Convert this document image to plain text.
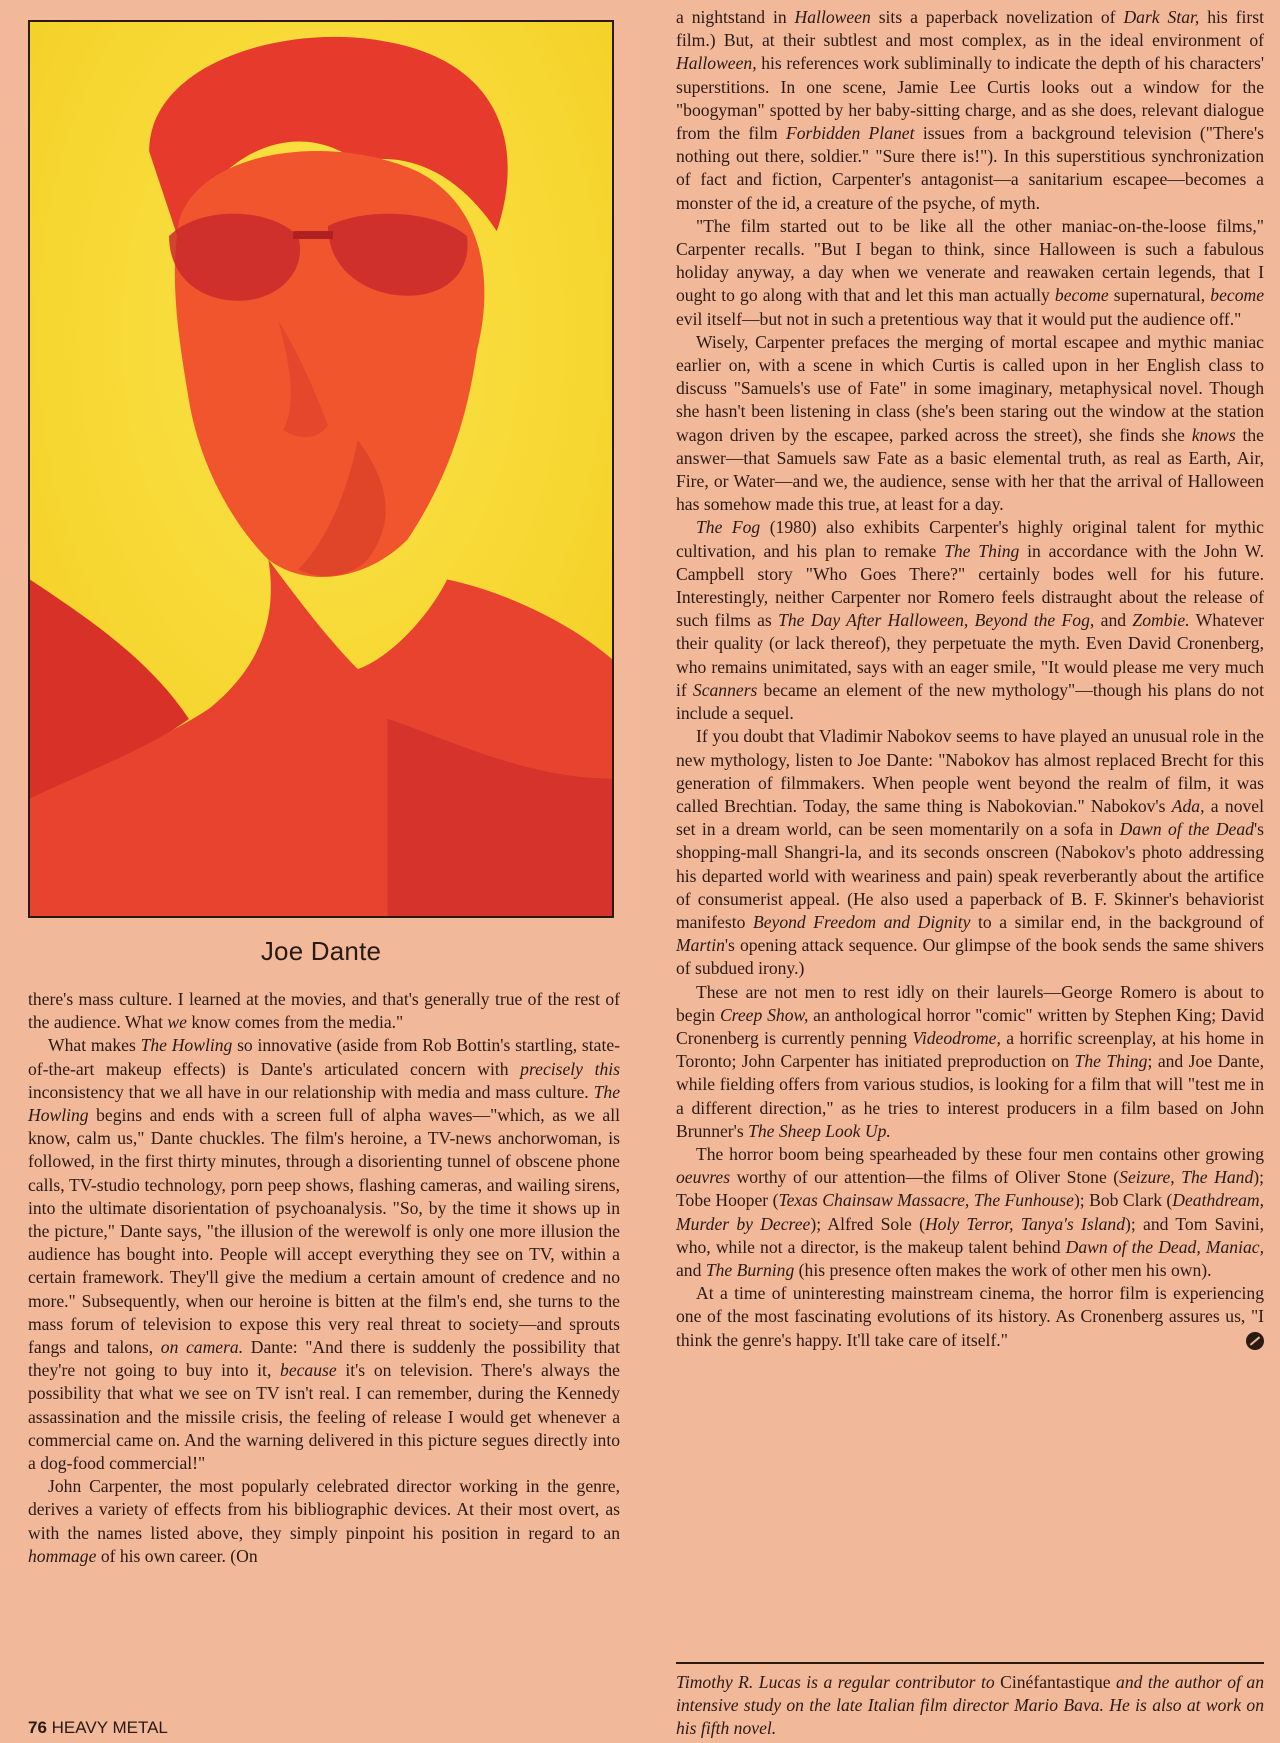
Joe Dante

there's mass culture. I learned at the movies, and that's generally true of the rest of the audience. What we know comes from the media."

What makes The Howling so innovative (aside from Rob Bottin's startling, state-of-the-art makeup effects) is Dante's articulated concern with precisely this inconsistency that we all have in our relationship with media and mass culture. The Howling begins and ends with a screen full of alpha waves—"which, as we all know, calm us," Dante chuckles. The film's heroine, a TV-news anchorwoman, is followed, in the first thirty minutes, through a disorienting tunnel of obscene phone calls, TV-studio technology, porn peep shows, flashing cameras, and wailing sirens, into the ultimate disorientation of psychoanalysis. "So, by the time it shows up in the picture," Dante says, "the illusion of the werewolf is only one more illusion the audience has bought into. People will accept everything they see on TV, within a certain framework. They'll give the medium a certain amount of credence and no more." Subsequently, when our heroine is bitten at the film's end, she turns to the mass forum of television to expose this very real threat to society—and sprouts fangs and talons, on camera. Dante: "And there is suddenly the possibility that they're not going to buy into it, because it's on television. There's always the possibility that what we see on TV isn't real. I can remember, during the Kennedy assassination and the missile crisis, the feeling of release I would get whenever a commercial came on. And the warning delivered in this picture segues directly into a dog-food commercial!"

John Carpenter, the most popularly celebrated director working in the genre, derives a variety of effects from his bibliographic devices. At their most overt, as with the names listed above, they simply pinpoint his position in regard to an hommage of his own career. (On

a nightstand in Halloween sits a paperback novelization of Dark Star, his first film.) But, at their subtlest and most complex, as in the ideal environment of Halloween, his references work subliminally to indicate the depth of his characters' superstitions. In one scene, Jamie Lee Curtis looks out a window for the "boogyman" spotted by her baby-sitting charge, and as she does, relevant dialogue from the film Forbidden Planet issues from a background television ("There's nothing out there, soldier." "Sure there is!"). In this superstitious synchronization of fact and fiction, Carpenter's antagonist—a sanitarium escapee—becomes a monster of the id, a creature of the psyche, of myth.

"The film started out to be like all the other maniac-on-the-loose films," Carpenter recalls. "But I began to think, since Halloween is such a fabulous holiday anyway, a day when we venerate and reawaken certain legends, that I ought to go along with that and let this man actually become supernatural, become evil itself—but not in such a pretentious way that it would put the audience off."

Wisely, Carpenter prefaces the merging of mortal escapee and mythic maniac earlier on, with a scene in which Curtis is called upon in her English class to discuss "Samuels's use of Fate" in some imaginary, metaphysical novel. Though she hasn't been listening in class (she's been staring out the window at the station wagon driven by the escapee, parked across the street), she finds she knows the answer—that Samuels saw Fate as a basic elemental truth, as real as Earth, Air, Fire, or Water—and we, the audience, sense with her that the arrival of Halloween has somehow made this true, at least for a day.

The Fog (1980) also exhibits Carpenter's highly original talent for mythic cultivation, and his plan to remake The Thing in accordance with the John W. Campbell story "Who Goes There?" certainly bodes well for his future. Interestingly, neither Carpenter nor Romero feels distraught about the release of such films as The Day After Halloween, Beyond the Fog, and Zombie. Whatever their quality (or lack thereof), they perpetuate the myth. Even David Cronenberg, who remains unimitated, says with an eager smile, "It would please me very much if Scanners became an element of the new mythology"—though his plans do not include a sequel.

If you doubt that Vladimir Nabokov seems to have played an unusual role in the new mythology, listen to Joe Dante: "Nabokov has almost replaced Brecht for this generation of filmmakers. When people went beyond the realm of film, it was called Brechtian. Today, the same thing is Nabokovian." Nabokov's Ada, a novel set in a dream world, can be seen momentarily on a sofa in Dawn of the Dead's shopping-mall Shangri-la, and its seconds onscreen (Nabokov's photo addressing his departed world with weariness and pain) speak reverberantly about the artifice of consumerist appeal. (He also used a paperback of B. F. Skinner's behaviorist manifesto Beyond Freedom and Dignity to a similar end, in the background of Martin's opening attack sequence. Our glimpse of the book sends the same shivers of subdued irony.)

These are not men to rest idly on their laurels—George Romero is about to begin Creep Show, an anthological horror "comic" written by Stephen King; David Cronenberg is currently penning Videodrome, a horrific screenplay, at his home in Toronto; John Carpenter has initiated preproduction on The Thing; and Joe Dante, while fielding offers from various studios, is looking for a film that will "test me in a different direction," as he tries to interest producers in a film based on John Brunner's The Sheep Look Up.

The horror boom being spearheaded by these four men contains other growing oeuvres worthy of our attention—the films of Oliver Stone (Seizure, The Hand); Tobe Hooper (Texas Chainsaw Massacre, The Funhouse); Bob Clark (Deathdream, Murder by Decree); Alfred Sole (Holy Terror, Tanya's Island); and Tom Savini, who, while not a director, is the makeup talent behind Dawn of the Dead, Maniac, and The Burning (his presence often makes the work of other men his own).

At a time of uninteresting mainstream cinema, the horror film is experiencing one of the most fascinating evolutions of its history. As Cronenberg assures us, "I think the genre's happy. It'll take care of itself."

Timothy R. Lucas is a regular contributor to Cinéfantastique and the author of an intensive study on the late Italian film director Mario Bava. He is also at work on his fifth novel.
76 HEAVY METAL
